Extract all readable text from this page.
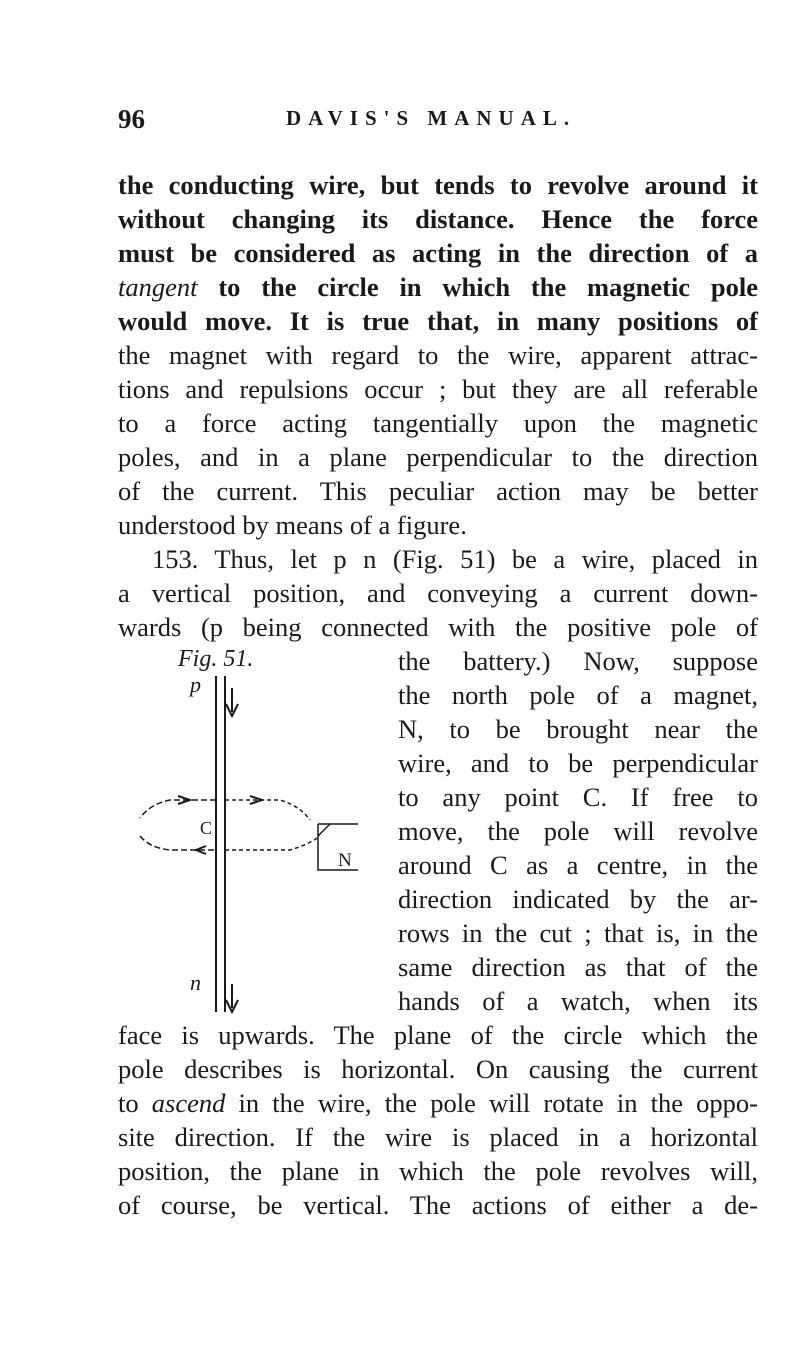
96	DAVIS'S MANUAL.
the conducting wire, but tends to revolve around it
without changing its distance. Hence the force
must be considered as acting in the direction of a
tangent to the circle in which the magnetic pole
would move. It is true that, in many positions of
the magnet with regard to the wire, apparent attrac-
tions and repulsions occur ; but they are all referable
to a force acting tangentially upon the magnetic
poles, and in a plane perpendicular to the direction
of the current. This peculiar action may be better
understood by means of a figure.
153. Thus, let p n (Fig. 51) be a wire, placed in
a vertical position, and conveying a current down-
wards (p being connected with the positive pole of
the battery.) Now, suppose
the north pole of a magnet,
N, to be brought near the
wire, and to be perpendicular
to any point C. If free to
move, the pole will revolve
around C as a centre, in the
direction indicated by the ar-
rows in the cut ; that is, in the
same direction as that of the
hands of a watch, when its
face is upwards. The plane of the circle which the
pole describes is horizontal. On causing the current
to ascend in the wire, the pole will rotate in the oppo-
site direction. If the wire is placed in a horizontal
position, the plane in which the pole revolves will,
of course, be vertical. The actions of either a de-
Fig. 51.
p
n
C
N
